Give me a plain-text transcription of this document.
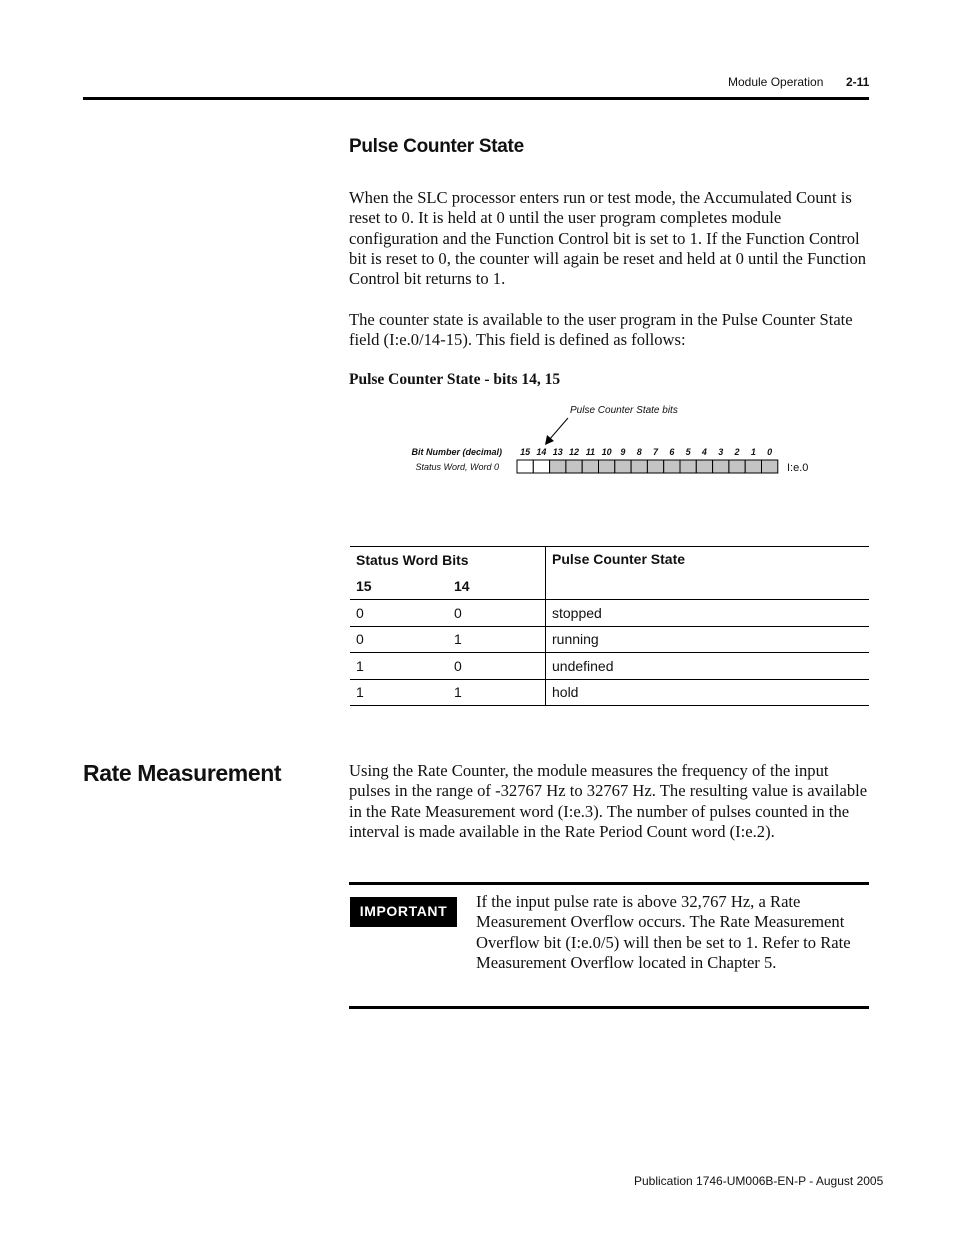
Module Operation 2-11
Pulse Counter State

When the SLC processor enters run or test mode, the Accumulated Count is reset to 0. It is held at 0 until the user program completes module configuration and the Function Control bit is set to 1. If the Function Control bit is reset to 0, the counter will again be reset and held at 0 until the Function Control bit returns to 1.

The counter state is available to the user program in the Pulse Counter State field (I:e.0/14-15). This field is defined as follows:

Pulse Counter State - bits 14, 15
Pulse Counter State bits
Bit Number (decimal)
Status Word, Word 0
15 14 13 12 11 10 9 8 7 6 5 4 3 2 1 0
I:e.0
Status Word Bits		Pulse Counter State
15	14	
0	0	stopped
0	1	running
1	0	undefined
1	1	hold
Rate Measurement	Using the Rate Counter, the module measures the frequency of the input pulses in the range of -32767 Hz to 32767 Hz. The resulting value is available in the Rate Measurement word (I:e.3). The number of pulses counted in the interval is made available in the Rate Period Count word (I:e.2).

IMPORTANT	If the input pulse rate is above 32,767 Hz, a Rate Measurement Overflow occurs. The Rate Measurement Overflow bit (I:e.0/5) will then be set to 1. Refer to Rate Measurement Overflow located in Chapter 5.

Publication 1746-UM006B-EN-P - August 2005
